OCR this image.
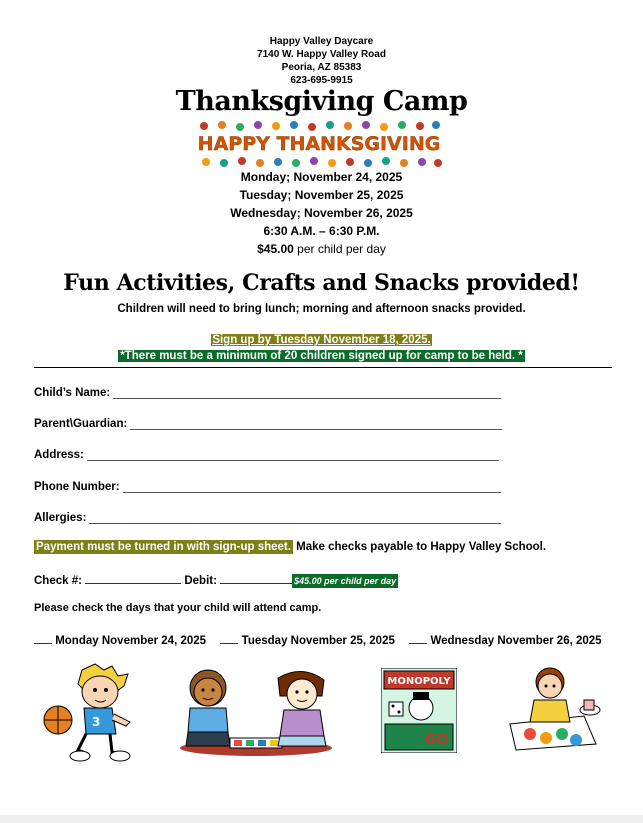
Happy Valley Daycare
7140 W. Happy Valley Road
Peoria, AZ 85383
623-695-9915
Thanksgiving Camp
HAPPY THANKSGIVING
Monday; November 24, 2025
Tuesday; November 25, 2025
Wednesday; November 26, 2025
6:30 A.M. – 6:30 P.M.
$45.00 per child per day
Fun Activities, Crafts and Snacks provided!
Children will need to bring lunch; morning and afternoon snacks provided.
Sign up by Tuesday November 18, 2025.
*There must be a minimum of 20 children signed up for camp to be held. *
Child’s Name:
Parent\Guardian:
Address:
Phone Number:
Allergies:
Payment must be turned in with sign-up sheet. Make checks payable to Happy Valley School.
Check #:	Debit:	$45.00 per child per day
Please check the days that your child will attend camp.
Monday November 24, 2025	Tuesday November 25, 2025	Wednesday November 26, 2025
3
MONOPOLY
GO
